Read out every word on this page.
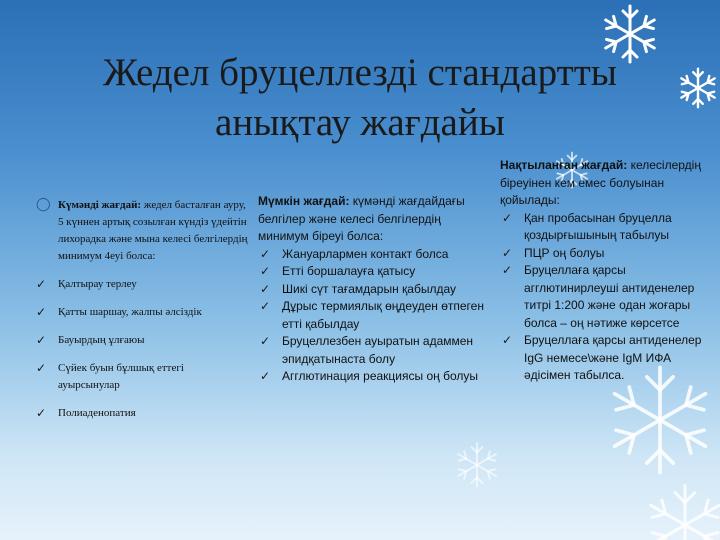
Жедел бруцеллезді стандартты
анықтау жағдайы
◯ Күмәнді жағдай: жедел басталған ауру, 5 күннен артық созылған күндіз үдейтін лихорадка және мына келесі белгілердің минимум 4еуі болса:
✓ Қалтырау терлеу
✓ Қатты шаршау, жалпы әлсіздік
✓ Бауырдың ұлғаюы
✓ Сүйек буын бұлшық еттегі ауырсынулар
✓ Полиаденопатия
Мүмкін жағдай: күмәнді жағдайдағы белгілер және келесі белгілердің минимум біреуі болса:
✓ Жануарлармен контакт болса
✓ Етті боршалауға қатысу
✓ Шикі сүт тағамдарын қабылдау
✓ Дұрыс термиялық өңдеуден өтпеген етті қабылдау
✓ Бруцеллезбен ауыратын адаммен эпидқатынаста болу
✓ Агглютинация реакциясы оң болуы
Нақтыланған жағдай: келесілердің біреуінен кем емес болуынан қойылады:
✓ Қан пробасынан бруцелла қоздырғышының табылуы
✓ ПЦР оң болуы
✓ Бруцеллаға қарсы агглютинирлеуші антиденелер титрі 1:200 және одан жоғары болса – оң нәтиже көрсетсе
✓ Бруцеллаға қарсы антиденелер IgG немесе\және IgM ИФА әдісімен табылса.
